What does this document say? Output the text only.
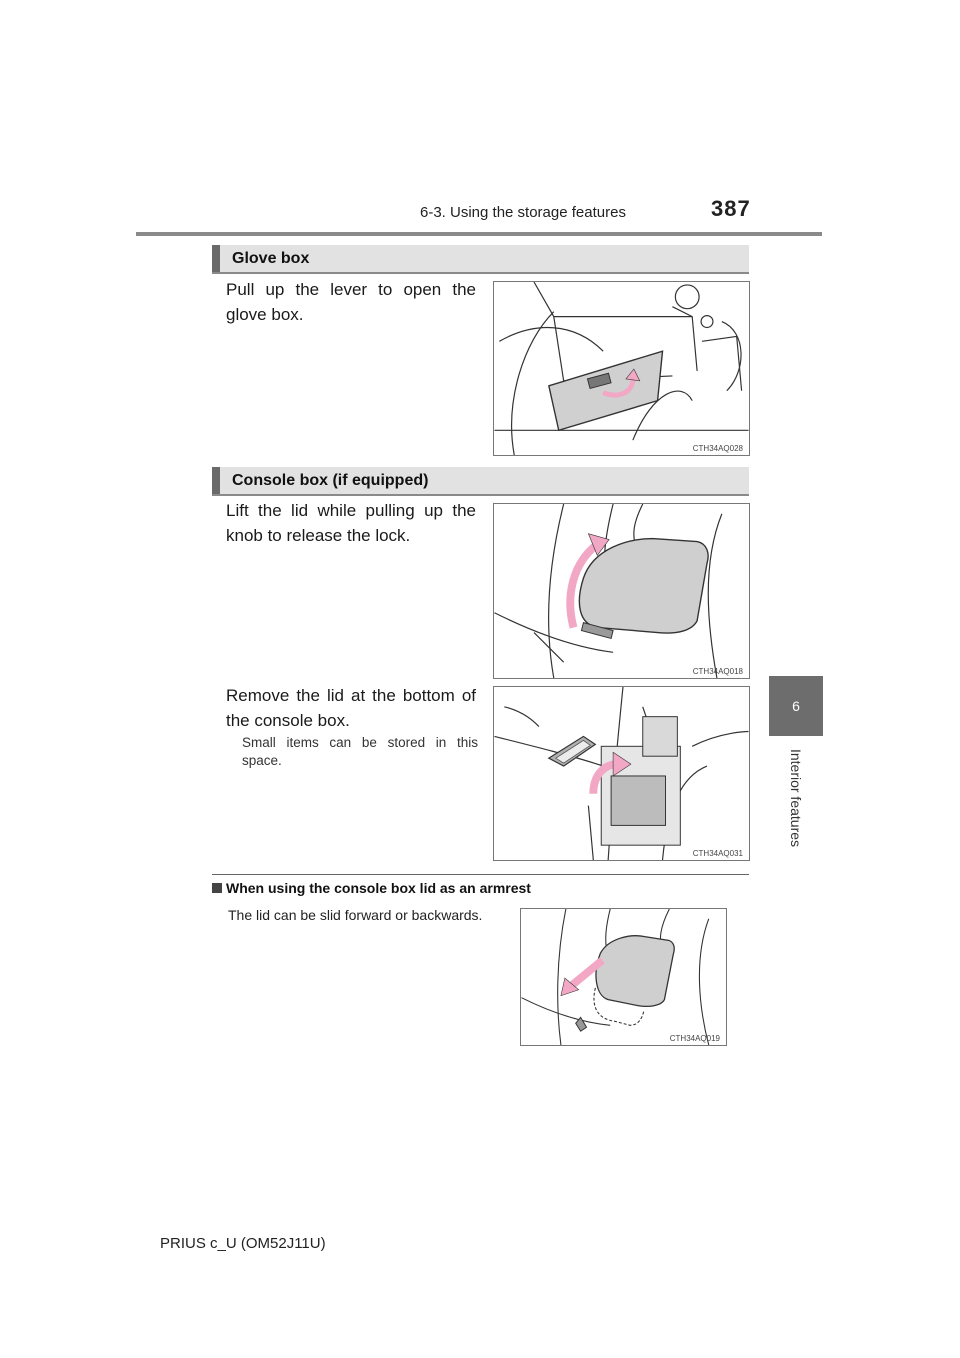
6-3. Using the storage features	387
6
Interior features
Glove box
Pull up the lever to open the glove box.
CTH34AQ028
Console box (if equipped)
Lift the lid while pulling up the knob to release the lock.
CTH34AQ018
Remove the lid at the bottom of the console box.
Small items can be stored in this space.
CTH34AQ031
When using the console box lid as an armrest
The lid can be slid forward or backwards.
CTH34AQ019
PRIUS c_U (OM52J11U)
